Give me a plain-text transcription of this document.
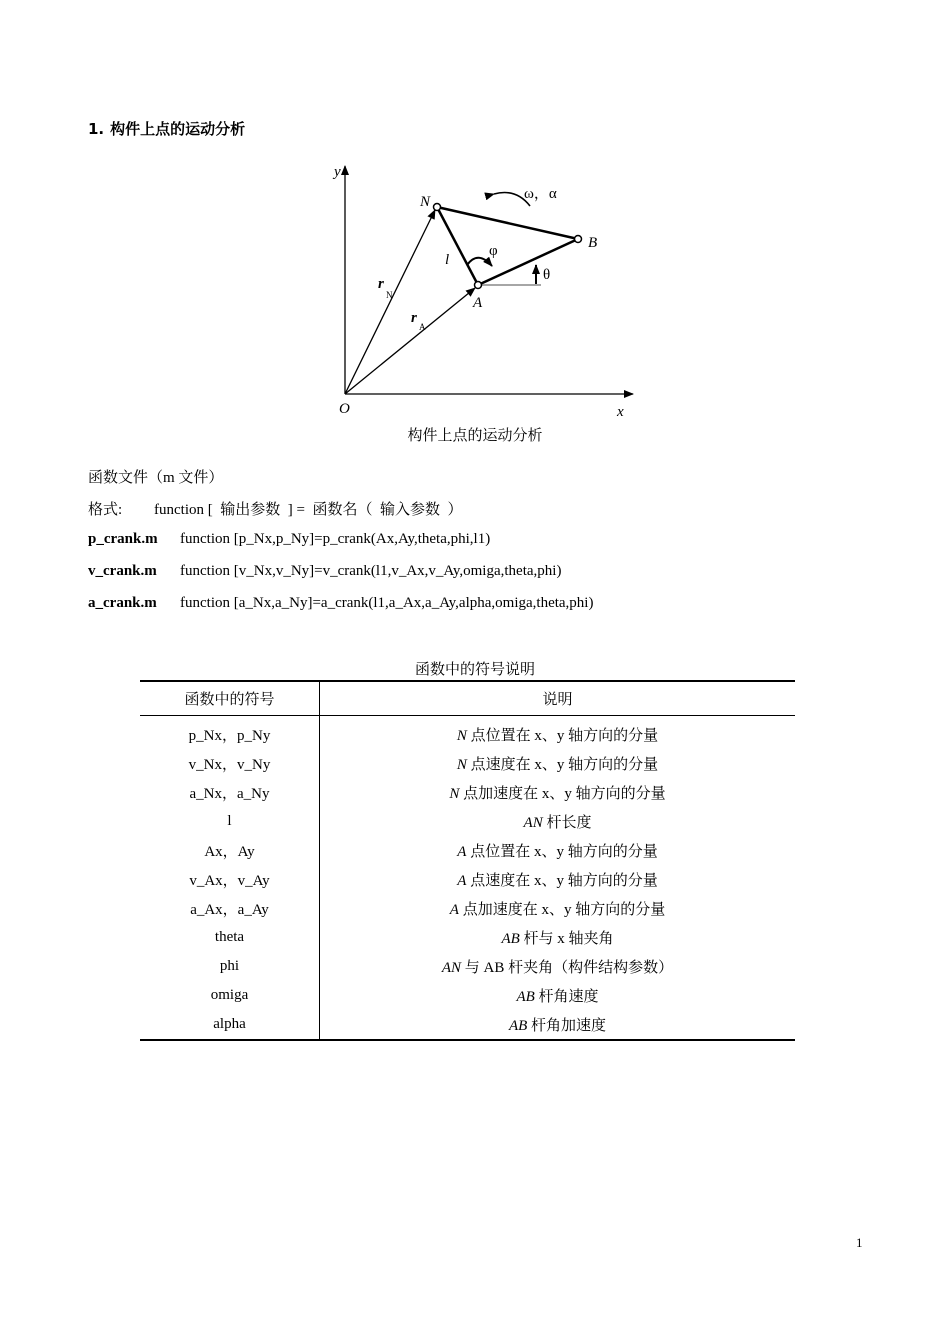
1. 构件上点的运动分析
y
x
O
N
A
B
l
φ
θ
ω，α
r
N
r
A
构件上点的运动分析
函数文件（m 文件）
格式: function [  输出参数  ] =  函数名（  输入参数  ）
p_crank.m function [p_Nx,p_Ny]=p_crank(Ax,Ay,theta,phi,l1)
v_crank.m function [v_Nx,v_Ny]=v_crank(l1,v_Ax,v_Ay,omiga,theta,phi)
a_crank.m function [a_Nx,a_Ny]=a_crank(l1,a_Ax,a_Ay,alpha,omiga,theta,phi)
函数中的符号说明
函数中的符号	说明
p_Nx，p_Ny	N 点位置在 x、y 轴方向的分量
v_Nx，v_Ny	N 点速度在 x、y 轴方向的分量
a_Nx，a_Ny	N 点加速度在 x、y 轴方向的分量
l	AN 杆长度
Ax，Ay	A 点位置在 x、y 轴方向的分量
v_Ax，v_Ay	A 点速度在 x、y 轴方向的分量
a_Ax，a_Ay	A 点加速度在 x、y 轴方向的分量
theta	AB 杆与 x 轴夹角
phi	AN 与 AB 杆夹角（构件结构参数）
omiga	AB 杆角速度
alpha	AB 杆角加速度
1
